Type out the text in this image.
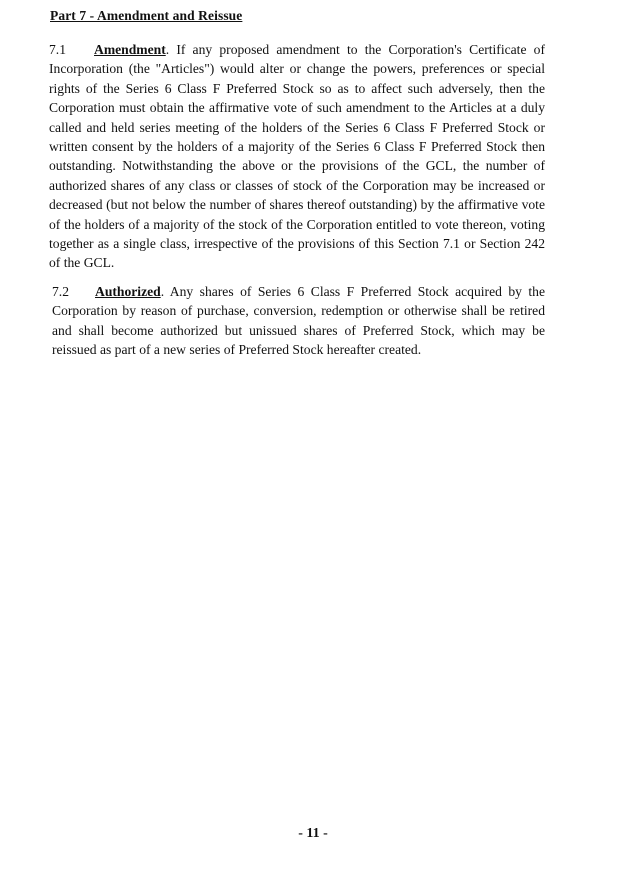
Part 7 - Amendment and Reissue

7.1 Amendment. If any proposed amendment to the Corporation's Certificate of Incorporation (the "Articles") would alter or change the powers, preferences or special rights of the Series 6 Class F Preferred Stock so as to affect such adversely, then the Corporation must obtain the affirmative vote of such amendment to the Articles at a duly called and held series meeting of the holders of the Series 6 Class F Preferred Stock or written consent by the holders of a majority of the Series 6 Class F Preferred Stock then outstanding. Notwithstanding the above or the provisions of the GCL, the number of authorized shares of any class or classes of stock of the Corporation may be increased or decreased (but not below the number of shares thereof outstanding) by the affirmative vote of the holders of a majority of the stock of the Corporation entitled to vote thereon, voting together as a single class, irrespective of the provisions of this Section 7.1 or Section 242 of the GCL.

7.2 Authorized. Any shares of Series 6 Class F Preferred Stock acquired by the Corporation by reason of purchase, conversion, redemption or otherwise shall be retired and shall become authorized but unissued shares of Preferred Stock, which may be reissued as part of a new series of Preferred Stock hereafter created.

- 11 -
